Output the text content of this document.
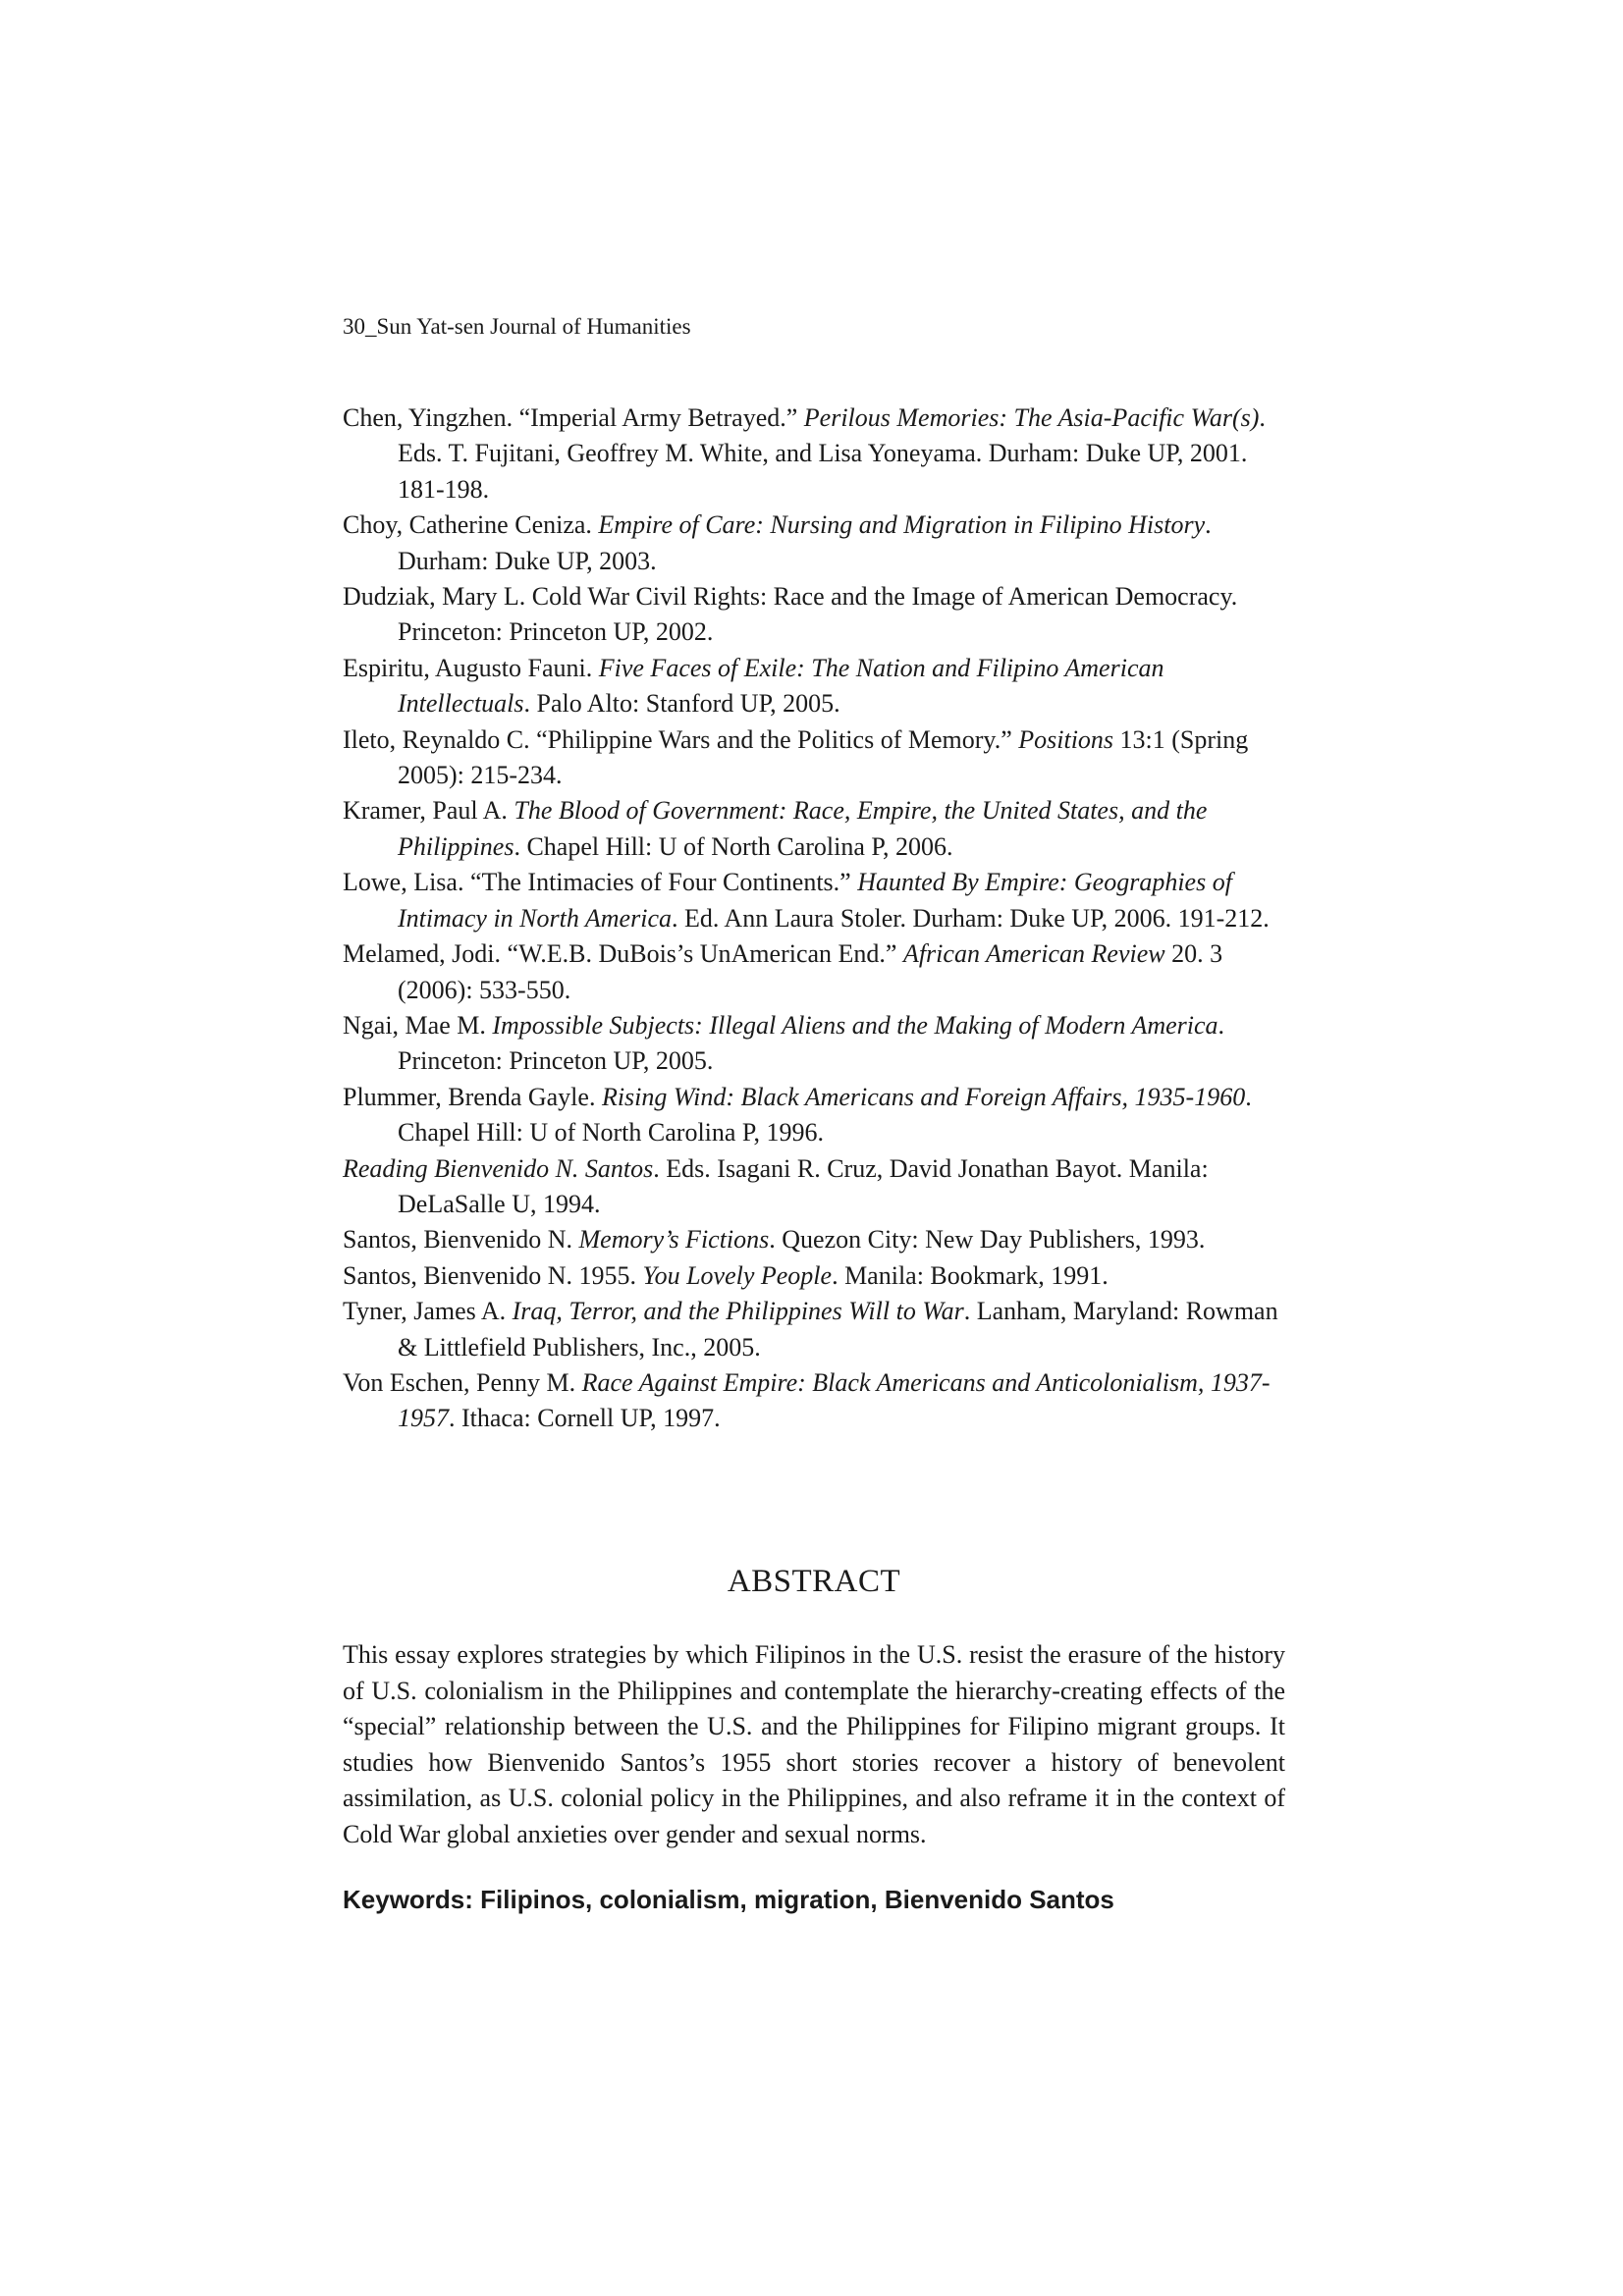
30_Sun Yat-sen Journal of Humanities

Chen, Yingzhen. “Imperial Army Betrayed.” Perilous Memories: The Asia-Pacific War(s). Eds. T. Fujitani, Geoffrey M. White, and Lisa Yoneyama. Durham: Duke UP, 2001. 181-198.

Choy, Catherine Ceniza. Empire of Care: Nursing and Migration in Filipino History. Durham: Duke UP, 2003.

Dudziak, Mary L. Cold War Civil Rights: Race and the Image of American Democracy. Princeton: Princeton UP, 2002.

Espiritu, Augusto Fauni. Five Faces of Exile: The Nation and Filipino American Intellectuals. Palo Alto: Stanford UP, 2005.

Ileto, Reynaldo C. “Philippine Wars and the Politics of Memory.” Positions 13:1 (Spring 2005): 215-234.

Kramer, Paul A. The Blood of Government: Race, Empire, the United States, and the Philippines. Chapel Hill: U of North Carolina P, 2006.

Lowe, Lisa. “The Intimacies of Four Continents.” Haunted By Empire: Geographies of Intimacy in North America. Ed. Ann Laura Stoler. Durham: Duke UP, 2006. 191-212.

Melamed, Jodi. “W.E.B. DuBois’s UnAmerican End.” African American Review 20. 3 (2006): 533-550.

Ngai, Mae M. Impossible Subjects: Illegal Aliens and the Making of Modern America. Princeton: Princeton UP, 2005.

Plummer, Brenda Gayle. Rising Wind: Black Americans and Foreign Affairs, 1935-1960. Chapel Hill: U of North Carolina P, 1996.

Reading Bienvenido N. Santos. Eds. Isagani R. Cruz, David Jonathan Bayot. Manila: DeLaSalle U, 1994.

Santos, Bienvenido N. Memory’s Fictions. Quezon City: New Day Publishers, 1993.

Santos, Bienvenido N. 1955. You Lovely People. Manila: Bookmark, 1991.

Tyner, James A. Iraq, Terror, and the Philippines Will to War. Lanham, Maryland: Rowman & Littlefield Publishers, Inc., 2005.

Von Eschen, Penny M. Race Against Empire: Black Americans and Anticolonialism, 1937-1957. Ithaca: Cornell UP, 1997.

ABSTRACT

This essay explores strategies by which Filipinos in the U.S. resist the erasure of the history of U.S. colonialism in the Philippines and contemplate the hierarchy-creating effects of the “special” relationship between the U.S. and the Philippines for Filipino migrant groups. It studies how Bienvenido Santos’s 1955 short stories recover a history of benevolent assimilation, as U.S. colonial policy in the Philippines, and also reframe it in the context of Cold War global anxieties over gender and sexual norms.

Keywords: Filipinos, colonialism, migration, Bienvenido Santos
